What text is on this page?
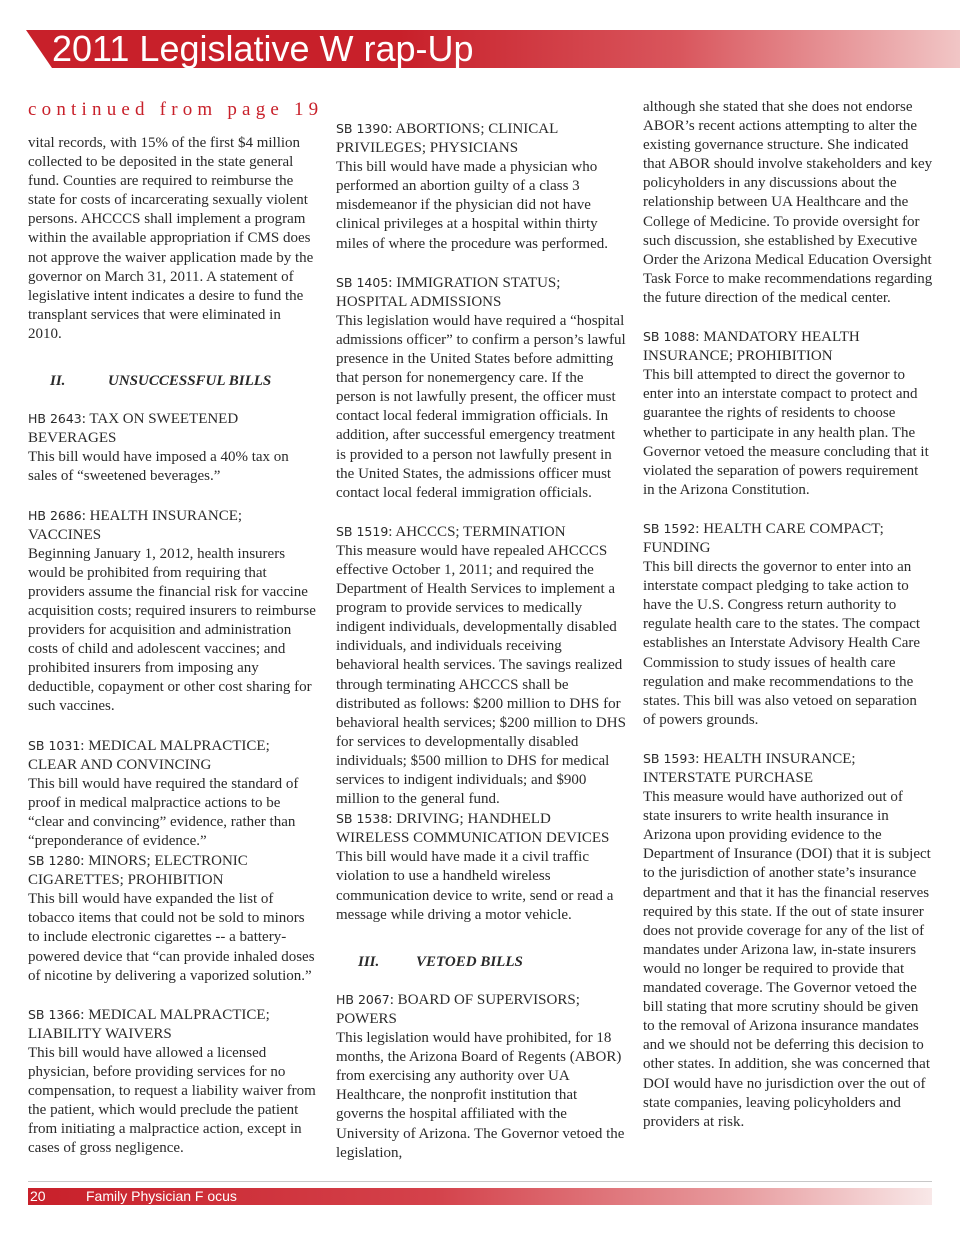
2011 Legislative W rap-Up
continued from page 19

vital records, with 15% of the first $4 million collected to be deposited in the state general fund. Counties are required to reimburse the state for costs of incarcerating sexually violent persons. AHCCCS shall implement a program within the available appropriation if CMS does not approve the waiver application made by the governor on March 31, 2011. A statement of legislative intent indicates a desire to fund the transplant services that were eliminated in 2010.

II.	UNSUCCESSFUL BILLS

HB 2643: TAX ON SWEETENED BEVERAGES

This bill would have imposed a 40% tax on sales of “sweetened beverages.”

HB 2686: HEALTH INSURANCE; VACCINES

Beginning January 1, 2012, health insurers would be prohibited from requiring that providers assume the financial risk for vaccine acquisition costs; required insurers to reimburse providers for acquisition and administration costs of child and adolescent vaccines; and prohibited insurers from imposing any deductible, copayment or other cost sharing for such vaccines.

SB 1031: MEDICAL MALPRACTICE; CLEAR AND CONVINCING

This bill would have required the standard of proof in medical malpractice actions to be “clear and convincing” evidence, rather than “preponderance of evidence.”

SB 1280: MINORS; ELECTRONIC CIGARETTES; PROHIBITION

This bill would have expanded the list of tobacco items that could not be sold to minors to include electronic cigarettes -- a battery-powered device that “can provide inhaled doses of nicotine by delivering a vaporized solution.”

SB 1366: MEDICAL MALPRACTICE; LIABILITY WAIVERS

This bill would have allowed a licensed physician, before providing services for no compensation, to request a liability waiver from the patient, which would preclude the patient from initiating a malpractice action, except in cases of gross negligence.

SB 1390: ABORTIONS; CLINICAL PRIVILEGES; PHYSICIANS

This bill would have made a physician who performed an abortion guilty of a class 3 misdemeanor if the physician did not have clinical privileges at a hospital within thirty miles of where the procedure was performed.

SB 1405: IMMIGRATION STATUS; HOSPITAL ADMISSIONS

This legislation would have required a “hospital admissions officer” to confirm a person’s lawful presence in the United States before admitting that person for nonemergency care. If the person is not lawfully present, the officer must contact local federal immigration officials. In addition, after successful emergency treatment is provided to a person not lawfully present in the United States, the admissions officer must contact local federal immigration officials.

SB 1519: AHCCCS; TERMINATION

This measure would have repealed AHCCCS effective October 1, 2011; and required the Department of Health Services to implement a program to provide services to medically indigent individuals, developmentally disabled individuals, and individuals receiving behavioral health services. The savings realized through terminating AHCCCS shall be distributed as follows: $200 million to DHS for behavioral health services; $200 million to DHS for services to developmentally disabled individuals; $500 million to DHS for medical services to indigent individuals; and $900 million to the general fund.

SB 1538: DRIVING; HANDHELD WIRELESS COMMUNICATION DEVICES

This bill would have made it a civil traffic violation to use a handheld wireless communication device to write, send or read a message while driving a motor vehicle.

III. VETOED BILLS

HB 2067: BOARD OF SUPERVISORS; POWERS

This legislation would have prohibited, for 18 months, the Arizona Board of Regents (ABOR) from exercising any authority over UA Healthcare, the nonprofit institution that governs the hospital affiliated with the University of Arizona. The Governor vetoed the legislation,

although she stated that she does not endorse ABOR’s recent actions attempting to alter the existing governance structure. She indicated that ABOR should involve stakeholders and key policyholders in any discussions about the relationship between UA Healthcare and the College of Medicine. To provide oversight for such discussion, she established by Executive Order the Arizona Medical Education Oversight Task Force to make recommendations regarding the future direction of the medical center.

SB 1088: MANDATORY HEALTH INSURANCE; PROHIBITION

This bill attempted to direct the governor to enter into an interstate compact to protect and guarantee the rights of residents to choose whether to participate in any health plan. The Governor vetoed the measure concluding that it violated the separation of powers requirement in the Arizona Constitution.

SB 1592: HEALTH CARE COMPACT; FUNDING

This bill directs the governor to enter into an interstate compact pledging to take action to have the U.S. Congress return authority to regulate health care to the states. The compact establishes an Interstate Advisory Health Care Commission to study issues of health care regulation and make recommendations to the states. This bill was also vetoed on separation of powers grounds.

SB 1593: HEALTH INSURANCE; INTERSTATE PURCHASE

This measure would have authorized out of state insurers to write health insurance in Arizona upon providing evidence to the Department of Insurance (DOI) that it is subject to the jurisdiction of another state’s insurance department and that it has the financial reserves required by this state. If the out of state insurer does not provide coverage for any of the list of mandates under Arizona law, in-state insurers would no longer be required to provide that mandated coverage. The Governor vetoed the bill stating that more scrutiny should be given to the removal of Arizona insurance mandates and we should not be deferring this decision to other states. In addition, she was concerned that DOI would have no jurisdiction over the out of state companies, leaving policyholders and providers at risk.

20	Family Physician F ocus
